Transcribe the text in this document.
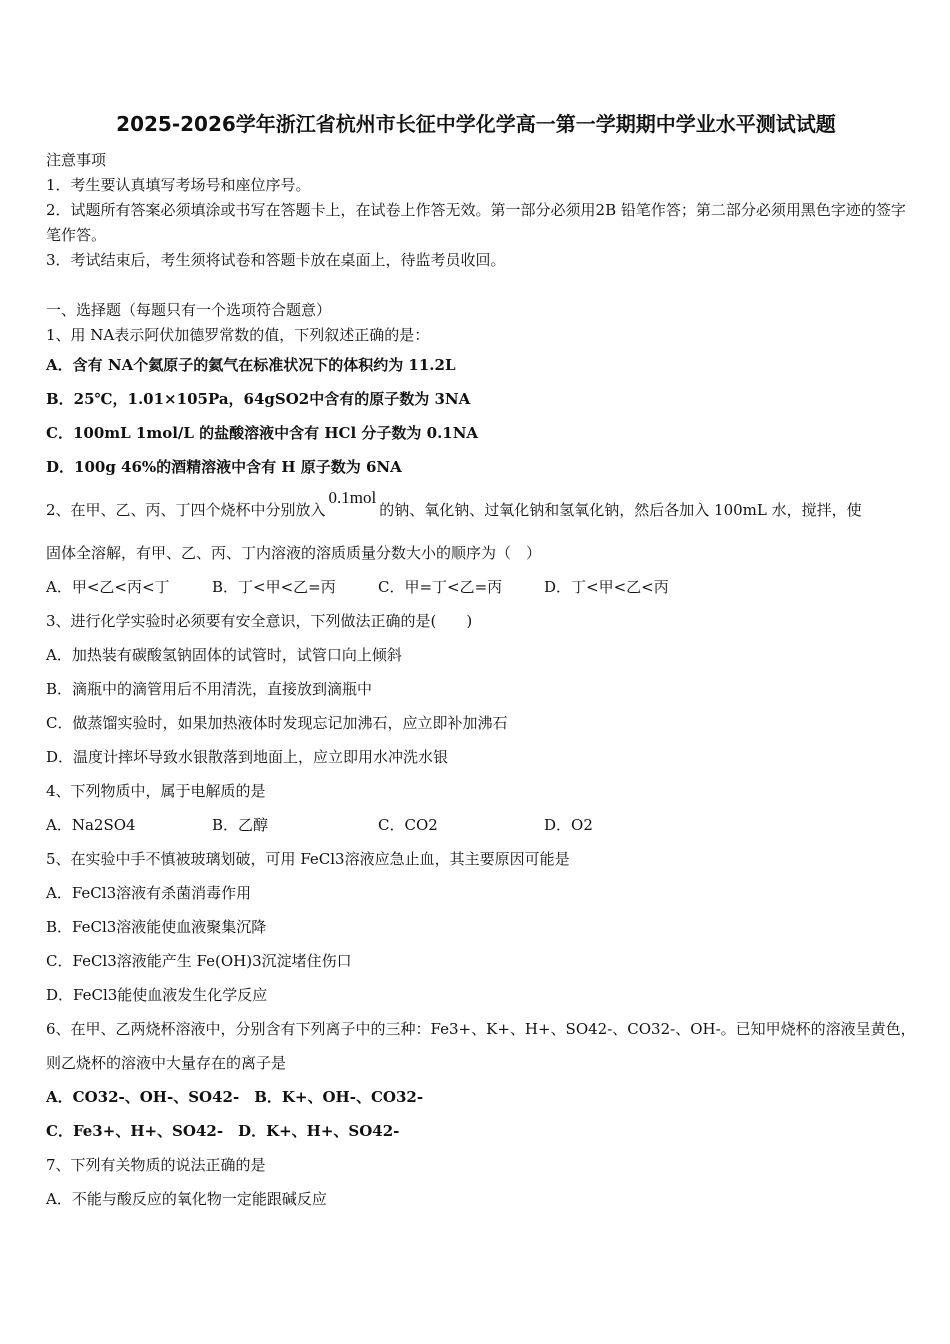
2025-2026学年浙江省杭州市长征中学化学高一第一学期期中学业水平测试试题
注意事项
1．考生要认真填写考场号和座位序号。
2．试题所有答案必须填涂或书写在答题卡上，在试卷上作答无效。第一部分必须用2B 铅笔作答；第二部分必须用黑色字迹的签字笔作答。
3．考试结束后，考生须将试卷和答题卡放在桌面上，待监考员收回。
一、选择题（每题只有一个选项符合题意）
1、用 NA表示阿伏加德罗常数的值，下列叙述正确的是：
A．含有 NA个氦原子的氦气在标准状况下的体积约为 11.2L
B．25℃，1.01×105Pa，64gSO2中含有的原子数为 3NA
C．100mL 1mol/L 的盐酸溶液中含有 HCl 分子数为 0.1NA
D．100g 46%的酒精溶液中含有 H 原子数为 6NA
2、在甲、乙、丙、丁四个烧杯中分别放入0.1mol的钠、氧化钠、过氧化钠和氢氧化钠，然后各加入 100mL 水，搅拌，使
固体全溶解，有甲、乙、丙、丁内溶液的溶质质量分数大小的顺序为（　）
A．甲<乙<丙<丁	B．丁<甲<乙=丙	C．甲=丁<乙=丙	D．丁<甲<乙<丙
3、进行化学实验时必须要有安全意识，下列做法正确的是(　　)
A．加热装有碳酸氢钠固体的试管时，试管口向上倾斜
B．滴瓶中的滴管用后不用清洗，直接放到滴瓶中
C．做蒸馏实验时，如果加热液体时发现忘记加沸石，应立即补加沸石
D．温度计摔坏导致水银散落到地面上，应立即用水冲洗水银
4、下列物质中，属于电解质的是
A．Na2SO4	B．乙醇	C．CO2	D．O2
5、在实验中手不慎被玻璃划破，可用 FeCl3溶液应急止血，其主要原因可能是
A．FeCl3溶液有杀菌消毒作用
B．FeCl3溶液能使血液聚集沉降
C．FeCl3溶液能产生 Fe(OH)3沉淀堵住伤口
D．FeCl3能使血液发生化学反应
6、在甲、乙两烧杯溶液中，分别含有下列离子中的三种：Fe3+、K+、H+、SO42-、CO32-、OH-。已知甲烧杯的溶液呈黄色，
则乙烧杯的溶液中大量存在的离子是
A．CO32-、OH-、SO42-　B．K+、OH-、CO32-
C．Fe3+、H+、SO42-　D．K+、H+、SO42-
7、下列有关物质的说法正确的是
A．不能与酸反应的氧化物一定能跟碱反应
